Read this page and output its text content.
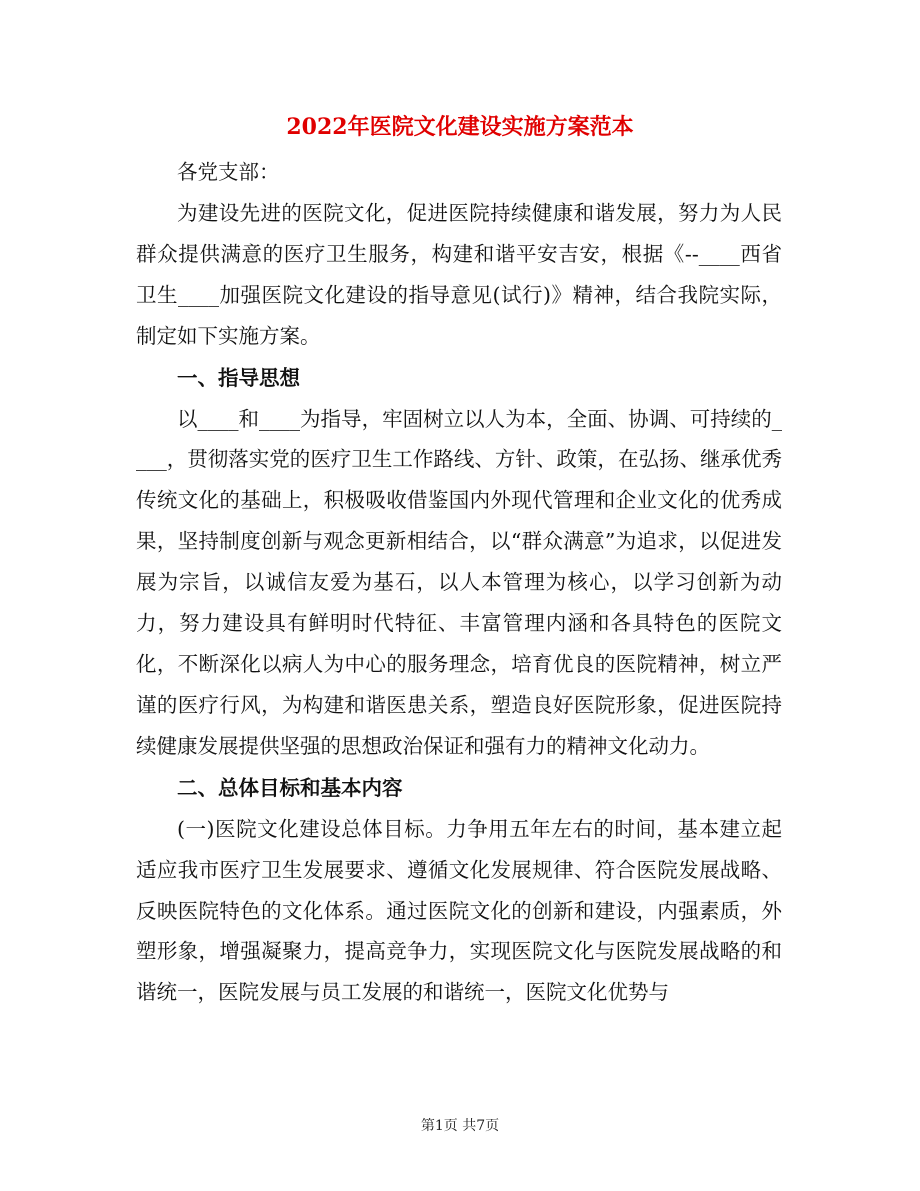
2022年医院文化建设实施方案范本

各党支部：

为建设先进的医院文化，促进医院持续健康和谐发展，努力为人民群众提供满意的医疗卫生服务，构建和谐平安吉安，根据《--____西省卫生____加强医院文化建设的指导意见(试行)》精神，结合我院实际，制定如下实施方案。

一、指导思想

以____和____为指导，牢固树立以人为本，全面、协调、可持续的____，贯彻落实党的医疗卫生工作路线、方针、政策，在弘扬、继承优秀传统文化的基础上，积极吸收借鉴国内外现代管理和企业文化的优秀成果，坚持制度创新与观念更新相结合，以“群众满意”为追求，以促进发展为宗旨，以诚信友爱为基石，以人本管理为核心，以学习创新为动力，努力建设具有鲜明时代特征、丰富管理内涵和各具特色的医院文化，不断深化以病人为中心的服务理念，培育优良的医院精神，树立严谨的医疗行风，为构建和谐医患关系，塑造良好医院形象，促进医院持续健康发展提供坚强的思想政治保证和强有力的精神文化动力。

二、总体目标和基本内容

(一)医院文化建设总体目标。力争用五年左右的时间，基本建立起适应我市医疗卫生发展要求、遵循文化发展规律、符合医院发展战略、反映医院特色的文化体系。通过医院文化的创新和建设，内强素质，外塑形象，增强凝聚力，提高竞争力，实现医院文化与医院发展战略的和谐统一，医院发展与员工发展的和谐统一，医院文化优势与

第1页 共7页
